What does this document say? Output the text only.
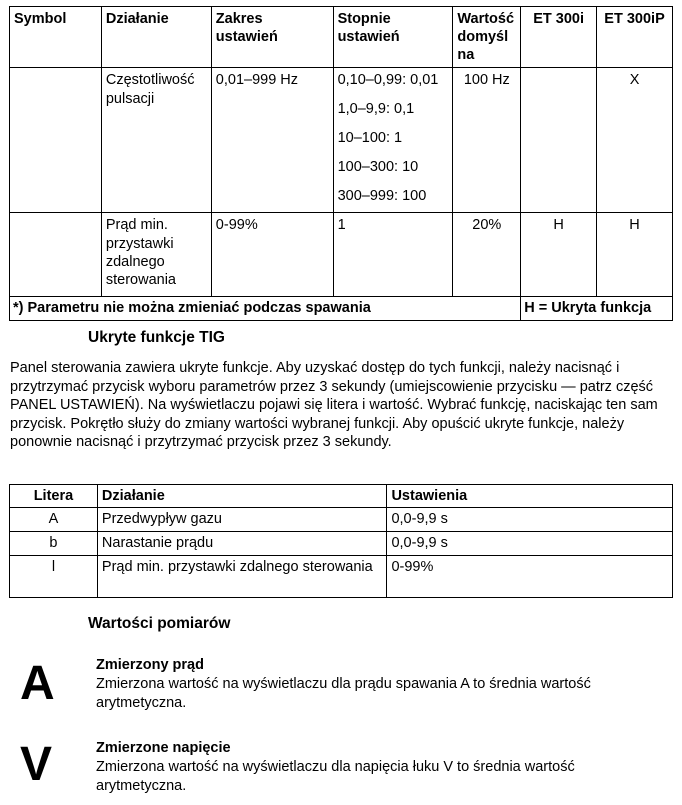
Symbol	Działanie	Zakres ustawień	Stopnie ustawień	Wartość domyślna	ET 300i	ET 300iP
	Częstotliwość pulsacji	0,01–999 Hz	0,10–0,99: 0,01
1,0–9,9: 0,1
10–100: 1
100–300: 10
300–999: 100	100 Hz		X
	Prąd min. przystawki zdalnego sterowania	0-99%	1	20%	H	H
*) Parametru nie można zmieniać podczas spawania					H = Ukryta funkcja	
Ukryte funkcje TIG

Panel sterowania zawiera ukryte funkcje. Aby uzyskać dostęp do tych funkcji, należy nacisnąć i przytrzymać przycisk wyboru parametrów przez 3 sekundy (umiejscowienie przycisku — patrz część PANEL USTAWIEŃ). Na wyświetlaczu pojawi się litera i wartość. Wybrać funkcję, naciskając ten sam przycisk. Pokrętło służy do zmiany wartości wybranej funkcji. Aby opuścić ukryte funkcje, należy ponownie nacisnąć i przytrzymać przycisk przez 3 sekundy.

Litera	Działanie	Ustawienia
A	Przedwypływ gazu	0,0-9,9 s
b	Narastanie prądu	0,0-9,9 s
l	Prąd min. przystawki zdalnego sterowania	0-99%
Wartości pomiarów
A	Zmierzony prąd

Zmierzona wartość na wyświetlaczu dla prądu spawania A to średnia wartość arytmetyczna.

V	Zmierzone napięcie

Zmierzona wartość na wyświetlaczu dla napięcia łuku V to średnia wartość arytmetyczna.
